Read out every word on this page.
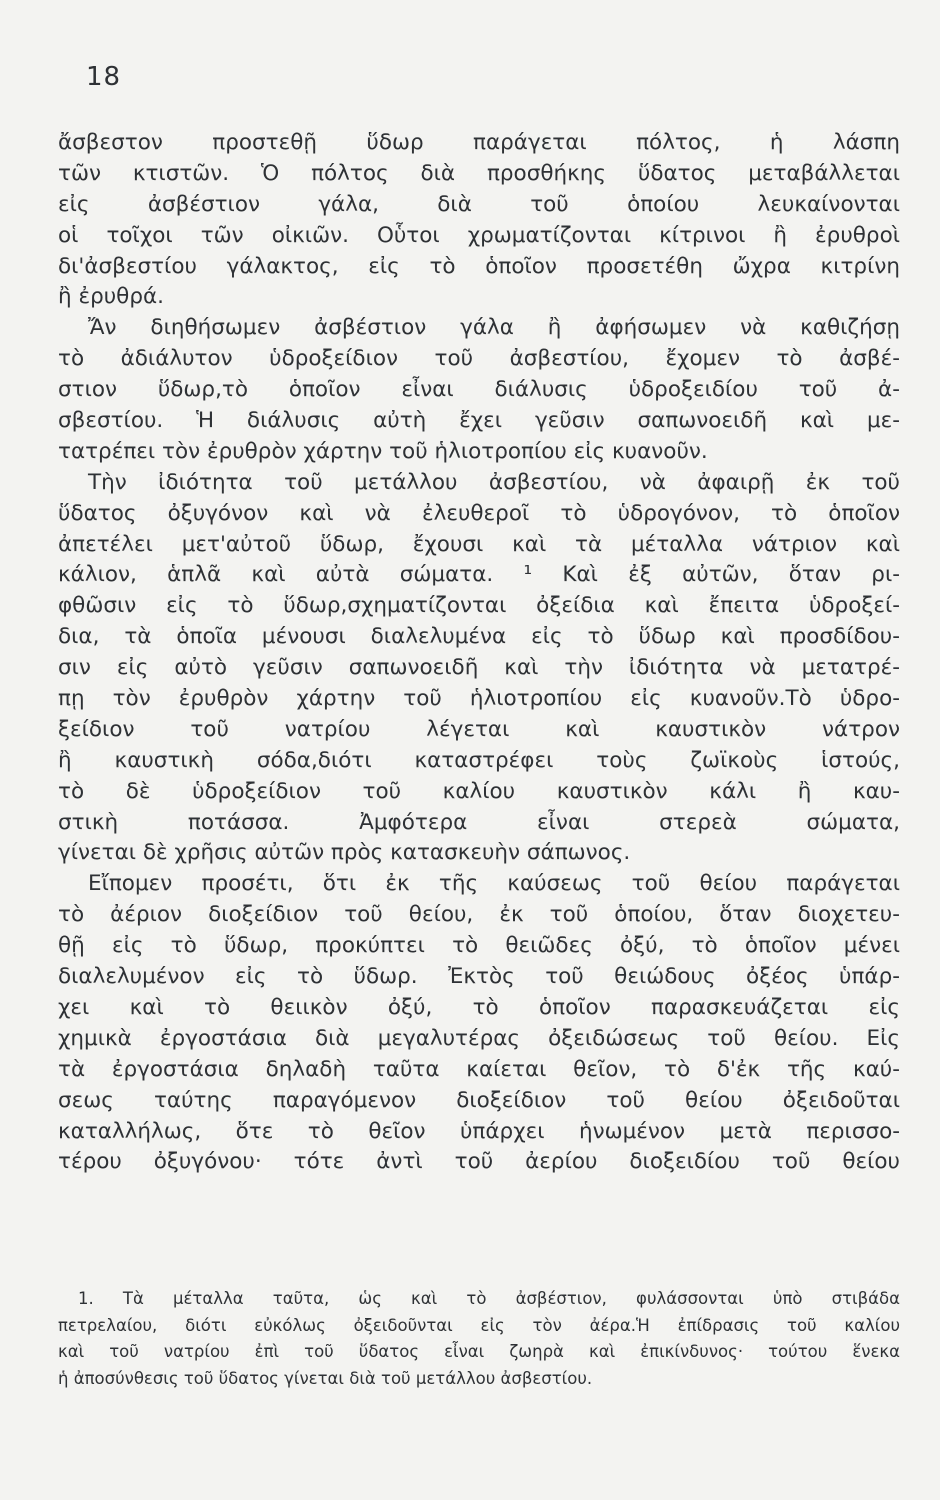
18
ἄσβεστον προστεθῇ ὕδωρ παράγεται πόλτος, ἡ λάσπη
τῶν κτιστῶν. Ὁ πόλτος διὰ προσθήκης ὕδατος μεταβάλλεται
εἰς ἀσβέστιον γάλα, διὰ τοῦ ὁποίου λευκαίνονται
οἱ τοῖχοι τῶν οἰκιῶν. Οὗτοι χρωματίζονται κίτρινοι ἢ ἐρυθροὶ
δι'ἀσβεστίου γάλακτος, εἰς τὸ ὁποῖον προσετέθη ὤχρα κιτρίνη
ἢ ἐρυθρά.
Ἄν διηθήσωμεν ἀσβέστιον γάλα ἢ ἀφήσωμεν νὰ καθιζήσῃ
τὸ ἀδιάλυτον ὑδροξείδιον τοῦ ἀσβεστίου, ἔχομεν τὸ ἀσβέ-
στιον ὕδωρ,τὸ ὁποῖον εἶναι διάλυσις ὑδροξειδίου τοῦ ἀ-
σβεστίου. Ἡ διάλυσις αὐτὴ ἔχει γεῦσιν σαπωνοειδῆ καὶ με-
τατρέπει τὸν ἐρυθρὸν χάρτην τοῦ ἡλιοτροπίου εἰς κυανοῦν.
Τὴν ἰδιότητα τοῦ μετάλλου ἀσβεστίου, νὰ ἀφαιρῇ ἐκ τοῦ
ὕδατος ὀξυγόνον καὶ νὰ ἐλευθεροῖ τὸ ὑδρογόνον, τὸ ὁποῖον
ἀπετέλει μετ'αὐτοῦ ὕδωρ, ἔχουσι καὶ τὰ μέταλλα νάτριον καὶ
κάλιον, ἁπλᾶ καὶ αὐτὰ σώματα. ¹ Καὶ ἐξ αὐτῶν, ὅταν ρι-
φθῶσιν εἰς τὸ ὕδωρ,σχηματίζονται ὀξείδια καὶ ἔπειτα ὑδροξεί-
δια, τὰ ὁποῖα μένουσι διαλελυμένα εἰς τὸ ὕδωρ καὶ προσδίδου-
σιν εἰς αὐτὸ γεῦσιν σαπωνοειδῆ καὶ τὴν ἰδιότητα νὰ μετατρέ-
πῃ τὸν ἐρυθρὸν χάρτην τοῦ ἡλιοτροπίου εἰς κυανοῦν.Τὸ ὑδρο-
ξείδιον τοῦ νατρίου λέγεται καὶ καυστικὸν νάτρον
ἢ καυστικὴ σόδα,διότι καταστρέφει τοὺς ζωϊκοὺς ἱστούς,
τὸ δὲ ὑδροξείδιον τοῦ καλίου καυστικὸν κάλι ἢ καυ-
στικὴ ποτάσσα. Ἀμφότερα εἶναι στερεὰ σώματα,
γίνεται δὲ χρῆσις αὐτῶν πρὸς κατασκευὴν σάπωνος.
Εἴπομεν προσέτι, ὅτι ἐκ τῆς καύσεως τοῦ θείου παράγεται
τὸ ἀέριον διοξείδιον τοῦ θείου, ἐκ τοῦ ὁποίου, ὅταν διοχετευ-
θῇ εἰς τὸ ὕδωρ, προκύπτει τὸ θειῶδες ὀξύ, τὸ ὁποῖον μένει
διαλελυμένον εἰς τὸ ὕδωρ. Ἐκτὸς τοῦ θειώδους ὀξέος ὑπάρ-
χει καὶ τὸ θειικὸν ὀξύ, τὸ ὁποῖον παρασκευάζεται εἰς
χημικὰ ἐργοστάσια διὰ μεγαλυτέρας ὀξειδώσεως τοῦ θείου. Εἰς
τὰ ἐργοστάσια δηλαδὴ ταῦτα καίεται θεῖον, τὸ δ'ἐκ τῆς καύ-
σεως ταύτης παραγόμενον διοξείδιον τοῦ θείου ὀξειδοῦται
καταλλήλως, ὅτε τὸ θεῖον ὑπάρχει ἡνωμένον μετὰ περισσο-
τέρου ὀξυγόνου· τότε ἀντὶ τοῦ ἀερίου διοξειδίου τοῦ θείου
1. Τὰ μέταλλα ταῦτα, ὡς καὶ τὸ ἀσβέστιον, φυλάσσονται ὑπὸ στιβάδα
πετρελαίου, διότι εὐκόλως ὀξειδοῦνται εἰς τὸν ἀέρα.Ἡ ἐπίδρασις τοῦ καλίου
καὶ τοῦ νατρίου ἐπὶ τοῦ ὕδατος εἶναι ζωηρὰ καὶ ἐπικίνδυνος· τούτου ἕνεκα
ἡ ἀποσύνθεσις τοῦ ὕδατος γίνεται διὰ τοῦ μετάλλου ἀσβεστίου.
